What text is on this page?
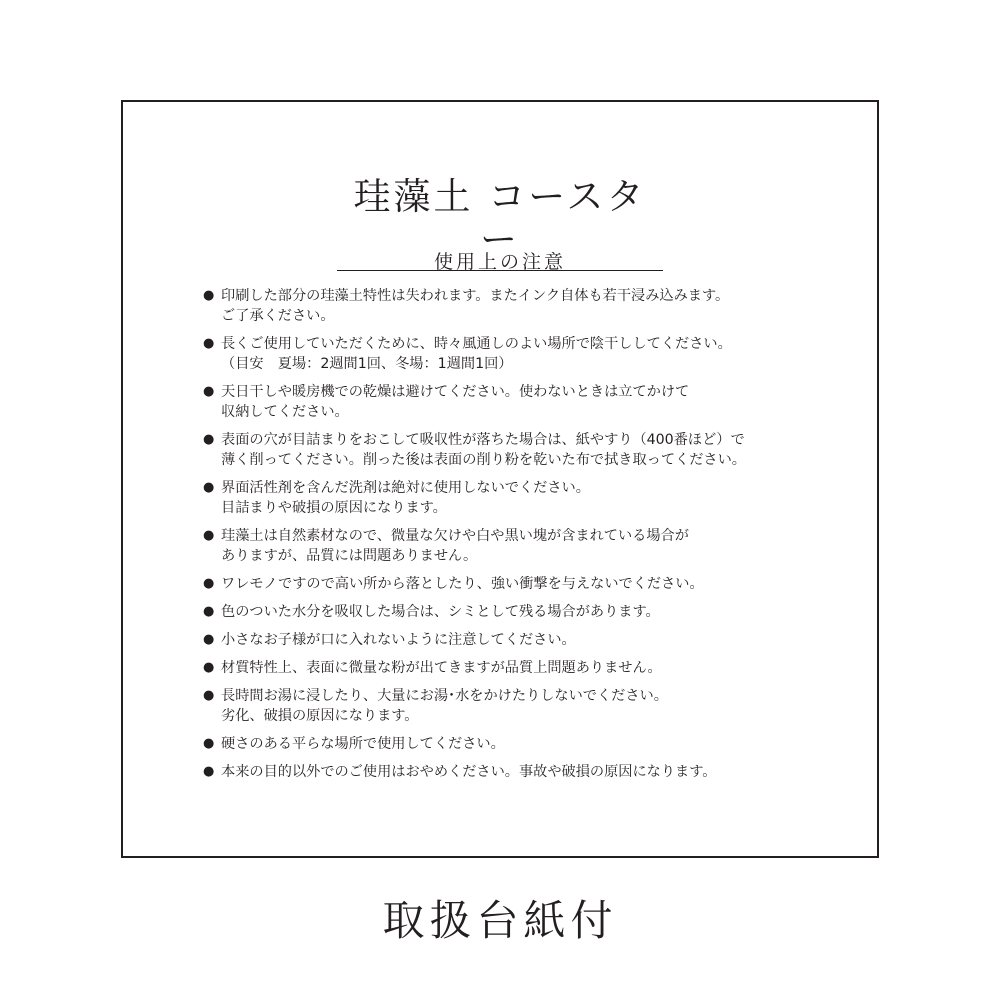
珪藻土 コースター
使用上の注意
● 印刷した部分の珪藻土特性は失われます。またインク自体も若干浸み込みます。
ご了承ください。
● 長くご使用していただくために、時々風通しのよい場所で陰干ししてください。
（目安　夏場：2週間1回、冬場：1週間1回）
● 天日干しや暖房機での乾燥は避けてください。使わないときは立てかけて
収納してください。
● 表面の穴が目詰まりをおこして吸収性が落ちた場合は、紙やすり（400番ほど）で
薄く削ってください。削った後は表面の削り粉を乾いた布で拭き取ってください。
● 界面活性剤を含んだ洗剤は絶対に使用しないでください。
目詰まりや破損の原因になります。
● 珪藻土は自然素材なので、微量な欠けや白や黒い塊が含まれている場合が
ありますが、品質には問題ありません。
● ワレモノですので高い所から落としたり、強い衝撃を与えないでください。
● 色のついた水分を吸収した場合は、シミとして残る場合があります。
● 小さなお子様が口に入れないように注意してください。
● 材質特性上、表面に微量な粉が出てきますが品質上問題ありません。
● 長時間お湯に浸したり、大量にお湯･水をかけたりしないでください。
劣化、破損の原因になります。
● 硬さのある平らな場所で使用してください。
● 本来の目的以外でのご使用はおやめください。事故や破損の原因になります。
取扱台紙付
